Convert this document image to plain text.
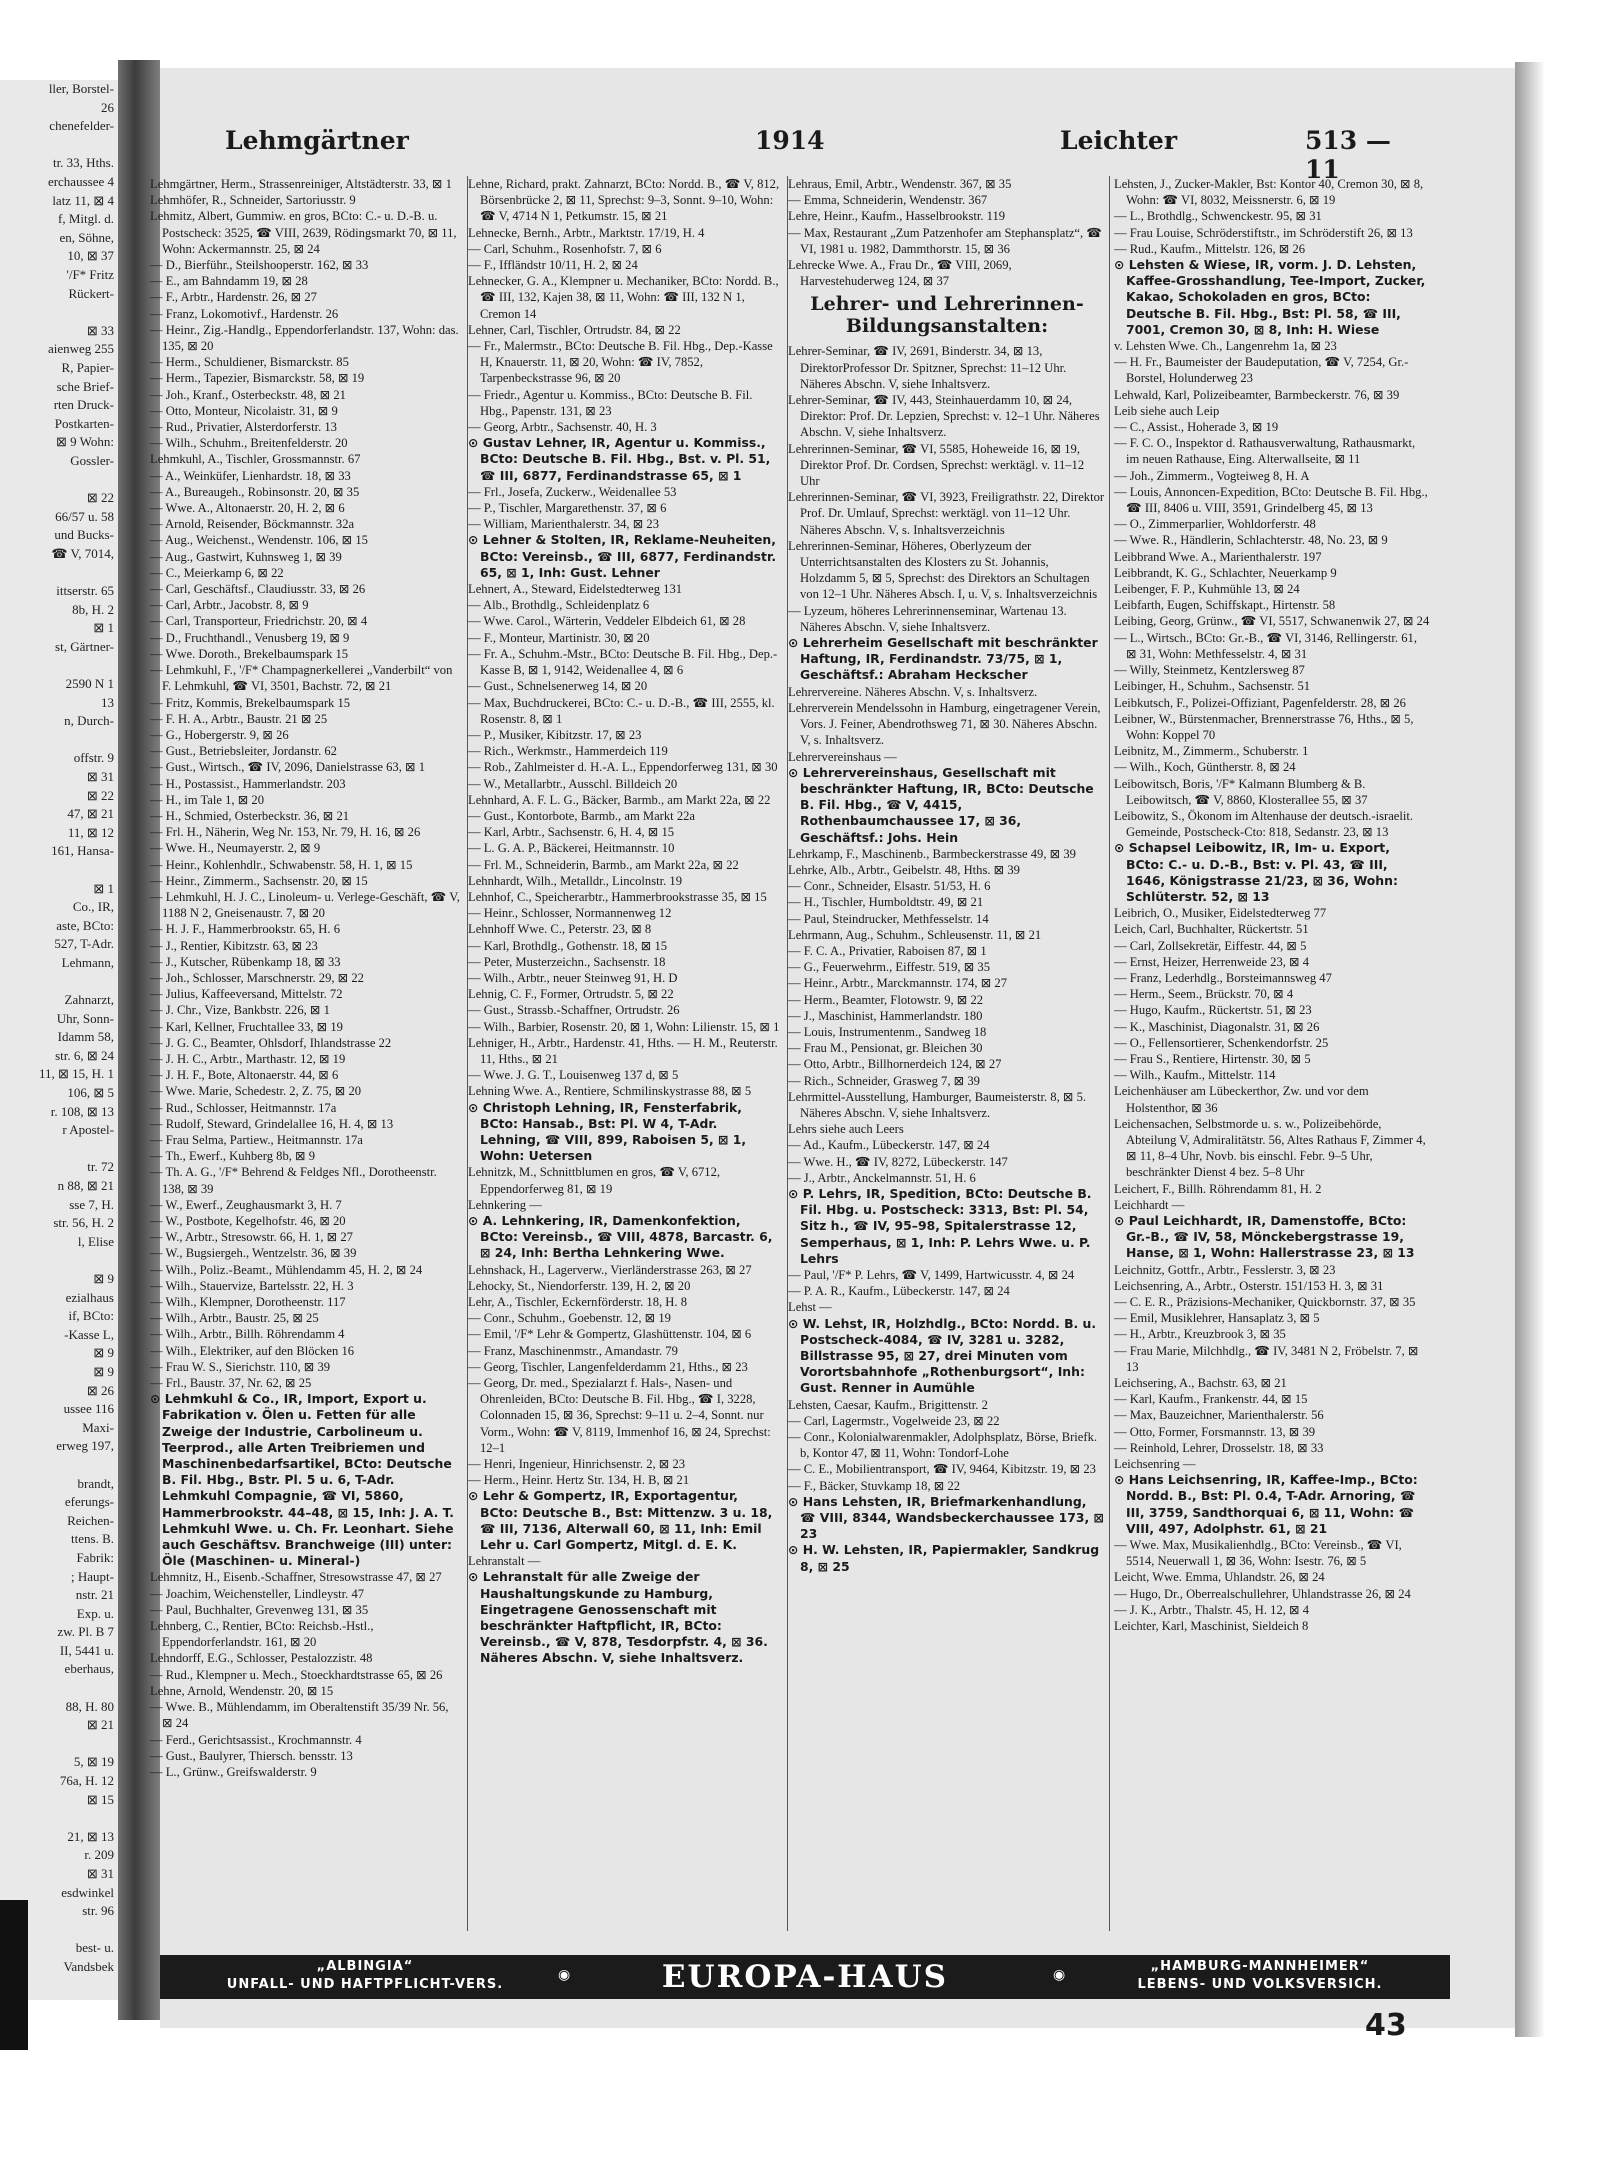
ller, Borstel-
26
chenefelder-

tr. 33, Hths.
erchaussee 4
latz 11, ⊠ 4
f, Mitgl. d.
en, Söhne,
10, ⊠ 37
'/F* Fritz
Rückert-

⊠ 33
aienweg 255
R, Papier-
sche Brief-
rten Druck-
Postkarten-
⊠ 9 Wohn:
Gossler-

⊠ 22
66/57 u. 58
und Bucks-
☎ V, 7014,

ittserstr. 65
8b, H. 2
⊠ 1
st, Gärtner-

2590 N 1
13
n, Durch-

offstr. 9
⊠ 31
⊠ 22
47, ⊠ 21
11, ⊠ 12
161, Hansa-

⊠ 1
Co., IR,
aste, BCto:
527, T-Adr.
Lehmann,

Zahnarzt,
Uhr, Sonn-
Idamm 58,
str. 6, ⊠ 24
11, ⊠ 15, H. 1
106, ⊠ 5
r. 108, ⊠ 13
r Apostel-

tr. 72
n 88, ⊠ 21
sse 7, H.
str. 56, H. 2
l, Elise

⊠ 9
ezialhaus
if, BCto:
-Kasse L,
⊠ 9
⊠ 9
⊠ 26
ussee 116
Maxi-
erweg 197,

brandt,
eferungs-
Reichen-
ttens. B.
Fabrik:
; Haupt-
nstr. 21
Exp. u.
zw. Pl. B 7
II, 5441 u.
eberhaus,

88, H. 80
⊠ 21

5, ⊠ 19
76a, H. 12
⊠ 15

21, ⊠ 13
r. 209
⊠ 31
esdwinkel
str. 96

best- u.
Vandsbek
Lehmgärtner	1914	Leichter	513 —11

Lehmgärtner, Herm., Strassenreiniger, Altstädterstr. 33, ⊠ 1

Lehmhöfer, R., Schneider, Sartoriusstr. 9

Lehmitz, Albert, Gummiw. en gros, BCto: C.- u. D.-B. u. Postscheck: 3525, ☎ VIII, 2639, Rödingsmarkt 70, ⊠ 11, Wohn: Ackermannstr. 25, ⊠ 24

— D., Bierführ., Steilshooperstr. 162, ⊠ 33

— E., am Bahndamm 19, ⊠ 28

— F., Arbtr., Hardenstr. 26, ⊠ 27

— Franz, Lokomotivf., Hardenstr. 26

— Heinr., Zig.-Handlg., Eppendorferlandstr. 137, Wohn: das. 135, ⊠ 20

— Herm., Schuldiener, Bismarckstr. 85

— Herm., Tapezier, Bismarckstr. 58, ⊠ 19

— Joh., Kranf., Osterbeckstr. 48, ⊠ 21

— Otto, Monteur, Nicolaistr. 31, ⊠ 9

— Rud., Privatier, Alsterdorferstr. 13

— Wilh., Schuhm., Breitenfelderstr. 20

Lehmkuhl, A., Tischler, Grossmannstr. 67

— A., Weinküfer, Lienhardstr. 18, ⊠ 33

— A., Bureaugeh., Robinsonstr. 20, ⊠ 35

— Wwe. A., Altonaerstr. 20, H. 2, ⊠ 6

— Arnold, Reisender, Böckmannstr. 32a

— Aug., Weichenst., Wendenstr. 106, ⊠ 15

— Aug., Gastwirt, Kuhnsweg 1, ⊠ 39

— C., Meierkamp 6, ⊠ 22

— Carl, Geschäftsf., Claudiusstr. 33, ⊠ 26

— Carl, Arbtr., Jacobstr. 8, ⊠ 9

— Carl, Transporteur, Friedrichstr. 20, ⊠ 4

— D., Fruchthandl., Venusberg 19, ⊠ 9

— Wwe. Doroth., Brekelbaumspark 15

— Lehmkuhl, F., '/F* Champagnerkellerei „Vanderbilt“ von F. Lehmkuhl, ☎ VI, 3501, Bachstr. 72, ⊠ 21

— Fritz, Kommis, Brekelbaumspark 15

— F. H. A., Arbtr., Baustr. 21 ⊠ 25

— G., Hobergerstr. 9, ⊠ 26

— Gust., Betriebsleiter, Jordanstr. 62

— Gust., Wirtsch., ☎ IV, 2096, Danielstrasse 63, ⊠ 1

— H., Postassist., Hammerlandstr. 203

— H., im Tale 1, ⊠ 20

— H., Schmied, Osterbeckstr. 36, ⊠ 21

— Frl. H., Näherin, Weg Nr. 153, Nr. 79, H. 16, ⊠ 26

— Wwe. H., Neumayerstr. 2, ⊠ 9

— Heinr., Kohlenhdlr., Schwabenstr. 58, H. 1, ⊠ 15

— Heinr., Zimmerm., Sachsenstr. 20, ⊠ 15

— Lehmkuhl, H. J. C., Linoleum- u. Verlege-Geschäft, ☎ V, 1188 N 2, Gneisenaustr. 7, ⊠ 20

— H. J. F., Hammerbrookstr. 65, H. 6

— J., Rentier, Kibitzstr. 63, ⊠ 23

— J., Kutscher, Rübenkamp 18, ⊠ 33

— Joh., Schlosser, Marschnerstr. 29, ⊠ 22

— Julius, Kaffeeversand, Mittelstr. 72

— J. Chr., Vize, Bankbstr. 226, ⊠ 1

— Karl, Kellner, Fruchtallee 33, ⊠ 19

— J. G. C., Beamter, Ohlsdorf, Ihlandstrasse 22

— J. H. C., Arbtr., Marthastr. 12, ⊠ 19

— J. H. F., Bote, Altonaerstr. 44, ⊠ 6

— Wwe. Marie, Schedestr. 2, Z. 75, ⊠ 20

— Rud., Schlosser, Heitmannstr. 17a

— Rudolf, Steward, Grindelallee 16, H. 4, ⊠ 13

— Frau Selma, Partiew., Heitmannstr. 17a

— Th., Ewerf., Kuhberg 8b, ⊠ 9

— Th. A. G., '/F* Behrend & Feldges Nfl., Dorotheenstr. 138, ⊠ 39

— W., Ewerf., Zeughausmarkt 3, H. 7

— W., Postbote, Kegelhofstr. 46, ⊠ 20

— W., Arbtr., Stresowstr. 66, H. 1, ⊠ 27

— W., Bugsiergeh., Wentzelstr. 36, ⊠ 39

— Wilh., Poliz.-Beamt., Mühlendamm 45, H. 2, ⊠ 24

— Wilh., Stauervize, Bartelsstr. 22, H. 3

— Wilh., Klempner, Dorotheenstr. 117

— Wilh., Arbtr., Baustr. 25, ⊠ 25

— Wilh., Arbtr., Billh. Röhrendamm 4

— Wilh., Elektriker, auf den Blöcken 16

— Frau W. S., Sierichstr. 110, ⊠ 39

— Frl., Baustr. 37, Nr. 62, ⊠ 25

⊙ Lehmkuhl & Co., IR, Import, Export u. Fabrikation v. Ölen u. Fetten für alle Zweige der Industrie, Carbolineum u. Teerprod., alle Arten Treibriemen und Maschinenbedarfsartikel, BCto: Deutsche B. Fil. Hbg., Bstr. Pl. 5 u. 6, T-Adr. Lehmkuhl Compagnie, ☎ VI, 5860, Hammerbrookstr. 44–48, ⊠ 15, Inh: J. A. T. Lehmkuhl Wwe. u. Ch. Fr. Leonhart. Siehe auch Geschäftsv. Branchweige (III) unter: Öle (Maschinen- u. Mineral-)

Lehmnitz, H., Eisenb.-Schaffner, Stresowstrasse 47, ⊠ 27

— Joachim, Weichensteller, Lindleystr. 47

— Paul, Buchhalter, Grevenweg 131, ⊠ 35

Lehnberg, C., Rentier, BCto: Reichsb.-Hstl., Eppendorferlandstr. 161, ⊠ 20

Lehndorff, E.G., Schlosser, Pestalozzistr. 48

— Rud., Klempner u. Mech., Stoeckhardtstrasse 65, ⊠ 26

Lehne, Arnold, Wendenstr. 20, ⊠ 15

— Wwe. B., Mühlendamm, im Oberaltenstift 35/39 Nr. 56, ⊠ 24

— Ferd., Gerichtsassist., Krochmannstr. 4

— Gust., Baulyrer, Thiersch. bensstr. 13

— L., Grünw., Greifswalderstr. 9

Lehne, Richard, prakt. Zahnarzt, BCto: Nordd. B., ☎ V, 812, Börsenbrücke 2, ⊠ 11, Sprechst: 9–3, Sonnt. 9–10, Wohn: ☎ V, 4714 N 1, Petkumstr. 15, ⊠ 21

Lehnecke, Bernh., Arbtr., Marktstr. 17/19, H. 4

— Carl, Schuhm., Rosenhofstr. 7, ⊠ 6

— F., Iffländstr 10/11, H. 2, ⊠ 24

Lehnecker, G. A., Klempner u. Mechaniker, BCto: Nordd. B., ☎ III, 132, Kajen 38, ⊠ 11, Wohn: ☎ III, 132 N 1, Cremon 14

Lehner, Carl, Tischler, Ortrudstr. 84, ⊠ 22

— Fr., Malermstr., BCto: Deutsche B. Fil. Hbg., Dep.-Kasse H, Knauerstr. 11, ⊠ 20, Wohn: ☎ IV, 7852, Tarpenbeckstrasse 96, ⊠ 20

— Friedr., Agentur u. Kommiss., BCto: Deutsche B. Fil. Hbg., Papenstr. 131, ⊠ 23

— Georg, Arbtr., Sachsenstr. 40, H. 3

⊙ Gustav Lehner, IR, Agentur u. Kommiss., BCto: Deutsche B. Fil. Hbg., Bst. v. Pl. 51, ☎ III, 6877, Ferdinandstrasse 65, ⊠ 1

— Frl., Josefa, Zuckerw., Weidenallee 53

— P., Tischler, Margarethenstr. 37, ⊠ 6

— William, Marienthalerstr. 34, ⊠ 23

⊙ Lehner & Stolten, IR, Reklame-Neuheiten, BCto: Vereinsb., ☎ III, 6877, Ferdinandstr. 65, ⊠ 1, Inh: Gust. Lehner

Lehnert, A., Steward, Eidelstedterweg 131

— Alb., Brothdlg., Schleidenplatz 6

— Wwe. Carol., Wärterin, Veddeler Elbdeich 61, ⊠ 28

— F., Monteur, Martinistr. 30, ⊠ 20

— Fr. A., Schuhm.-Mstr., BCto: Deutsche B. Fil. Hbg., Dep.-Kasse B, ⊠ 1, 9142, Weidenallee 4, ⊠ 6

— Gust., Schnelsenerweg 14, ⊠ 20

— Max, Buchdruckerei, BCto: C.- u. D.-B., ☎ III, 2555, kl. Rosenstr. 8, ⊠ 1

— P., Musiker, Kibitzstr. 17, ⊠ 23

— Rich., Werkmstr., Hammerdeich 119

— Rob., Zahlmeister d. H.-A. L., Eppendorferweg 131, ⊠ 30

— W., Metallarbtr., Ausschl. Billdeich 20

Lehnhard, A. F. L. G., Bäcker, Barmb., am Markt 22a, ⊠ 22

— Gust., Kontorbote, Barmb., am Markt 22a

— Karl, Arbtr., Sachsenstr. 6, H. 4, ⊠ 15

— L. G. A. P., Bäckerei, Heitmannstr. 10

— Frl. M., Schneiderin, Barmb., am Markt 22a, ⊠ 22

Lehnhardt, Wilh., Metalldr., Lincolnstr. 19

Lehnhof, C., Speicherarbtr., Hammerbrookstrasse 35, ⊠ 15

— Heinr., Schlosser, Normannenweg 12

Lehnhoff Wwe. C., Peterstr. 23, ⊠ 8

— Karl, Brothdlg., Gothenstr. 18, ⊠ 15

— Peter, Musterzeichn., Sachsenstr. 18

— Wilh., Arbtr., neuer Steinweg 91, H. D

Lehnig, C. F., Former, Ortrudstr. 5, ⊠ 22

— Gust., Strassb.-Schaffner, Ortrudstr. 26

— Wilh., Barbier, Rosenstr. 20, ⊠ 1, Wohn: Lilienstr. 15, ⊠ 1

Lehniger, H., Arbtr., Hardenstr. 41, Hths. — H. M., Reuterstr. 11, Hths., ⊠ 21

— Wwe. J. G. T., Louisenweg 137 d, ⊠ 5

Lehning Wwe. A., Rentiere, Schmilinskystrasse 88, ⊠ 5

⊙ Christoph Lehning, IR, Fensterfabrik, BCto: Hansab., Bst: Pl. W 4, T-Adr. Lehning, ☎ VIII, 899, Raboisen 5, ⊠ 1, Wohn: Uetersen

Lehnitzk, M., Schnittblumen en gros, ☎ V, 6712, Eppendorferweg 81, ⊠ 19

Lehnkering —

⊙ A. Lehnkering, IR, Damenkonfektion, BCto: Vereinsb., ☎ VIII, 4878, Barcastr. 6, ⊠ 24, Inh: Bertha Lehnkering Wwe.

Lehnshack, H., Lagerverw., Vierländerstrasse 263, ⊠ 27

Lehocky, St., Niendorferstr. 139, H. 2, ⊠ 20

Lehr, A., Tischler, Eckernförderstr. 18, H. 8

— Conr., Schuhm., Goebenstr. 12, ⊠ 19

— Emil, '/F* Lehr & Gompertz, Glashüttenstr. 104, ⊠ 6

— Franz, Maschinenmstr., Amandastr. 79

— Georg, Tischler, Langenfelderdamm 21, Hths., ⊠ 23

— Georg, Dr. med., Spezialarzt f. Hals-, Nasen- und Ohrenleiden, BCto: Deutsche B. Fil. Hbg., ☎ I, 3228, Colonnaden 15, ⊠ 36, Sprechst: 9–11 u. 2–4, Sonnt. nur Vorm., Wohn: ☎ V, 8119, Immenhof 16, ⊠ 24, Sprechst: 12–1

— Henri, Ingenieur, Hinrichsenstr. 2, ⊠ 23

— Herm., Heinr. Hertz Str. 134, H. B, ⊠ 21

⊙ Lehr & Gompertz, IR, Exportagentur, BCto: Deutsche B., Bst: Mittenzw. 3 u. 18, ☎ III, 7136, Alterwall 60, ⊠ 11, Inh: Emil Lehr u. Carl Gompertz, Mitgl. d. E. K.

Lehranstalt —

⊙ Lehranstalt für alle Zweige der Haushaltungskunde zu Hamburg, Eingetragene Genossenschaft mit beschränkter Haftpflicht, IR, BCto: Vereinsb., ☎ V, 878, Tesdorpfstr. 4, ⊠ 36. Näheres Abschn. V, siehe Inhaltsverz.

Lehraus, Emil, Arbtr., Wendenstr. 367, ⊠ 35

— Emma, Schneiderin, Wendenstr. 367

Lehre, Heinr., Kaufm., Hasselbrookstr. 119

— Max, Restaurant „Zum Patzenhofer am Stephansplatz“, ☎ VI, 1981 u. 1982, Dammthorstr. 15, ⊠ 36

Lehrecke Wwe. A., Frau Dr., ☎ VIII, 2069, Harvestehuderweg 124, ⊠ 37

Lehrer- und Lehrerinnen-Bildungsanstalten:

Lehrer-Seminar, ☎ IV, 2691, Binderstr. 34, ⊠ 13, DirektorProfessor Dr. Spitzner, Sprechst: 11–12 Uhr. Näheres Abschn. V, siehe Inhaltsverz.

Lehrer-Seminar, ☎ IV, 443, Steinhauerdamm 10, ⊠ 24, Direktor: Prof. Dr. Lepzien, Sprechst: v. 12–1 Uhr. Näheres Abschn. V, siehe Inhaltsverz.

Lehrerinnen-Seminar, ☎ VI, 5585, Hoheweide 16, ⊠ 19, Direktor Prof. Dr. Cordsen, Sprechst: werktägl. v. 11–12 Uhr

Lehrerinnen-Seminar, ☎ VI, 3923, Freiligrathstr. 22, Direktor Prof. Dr. Umlauf, Sprechst: werktägl. von 11–12 Uhr. Näheres Abschn. V, s. Inhaltsverzeichnis

Lehrerinnen-Seminar, Höheres, Oberlyzeum der Unterrichtsanstalten des Klosters zu St. Johannis, Holzdamm 5, ⊠ 5, Sprechst: des Direktors an Schultagen von 12–1 Uhr. Näheres Absch. I, u. V, s. Inhaltsverzeichnis

— Lyzeum, höheres Lehrerinnenseminar, Wartenau 13. Näheres Abschn. V, siehe Inhaltsverz.

⊙ Lehrerheim Gesellschaft mit beschränkter Haftung, IR, Ferdinandstr. 73/75, ⊠ 1, Geschäftsf.: Abraham Heckscher

Lehrervereine. Näheres Abschn. V, s. Inhaltsverz.

Lehrerverein Mendelssohn in Hamburg, eingetragener Verein, Vors. J. Feiner, Abendrothsweg 71, ⊠ 30. Näheres Abschn. V, s. Inhaltsverz.

Lehrervereinshaus —

⊙ Lehrervereinshaus, Gesellschaft mit beschränkter Haftung, IR, BCto: Deutsche B. Fil. Hbg., ☎ V, 4415, Rothenbaumchaussee 17, ⊠ 36, Geschäftsf.: Johs. Hein

Lehrkamp, F., Maschinenb., Barmbeckerstrasse 49, ⊠ 39

Lehrke, Alb., Arbtr., Geibelstr. 48, Hths. ⊠ 39

— Conr., Schneider, Elsastr. 51/53, H. 6

— H., Tischler, Humboldtstr. 49, ⊠ 21

— Paul, Steindrucker, Methfesselstr. 14

Lehrmann, Aug., Schuhm., Schleusenstr. 11, ⊠ 21

— F. C. A., Privatier, Raboisen 87, ⊠ 1

— G., Feuerwehrm., Eiffestr. 519, ⊠ 35

— Heinr., Arbtr., Marckmannstr. 174, ⊠ 27

— Herm., Beamter, Flotowstr. 9, ⊠ 22

— J., Maschinist, Hammerlandstr. 180

— Louis, Instrumentenm., Sandweg 18

— Frau M., Pensionat, gr. Bleichen 30

— Otto, Arbtr., Billhornerdeich 124, ⊠ 27

— Rich., Schneider, Grasweg 7, ⊠ 39

Lehrmittel-Ausstellung, Hamburger, Baumeisterstr. 8, ⊠ 5. Näheres Abschn. V, siehe Inhaltsverz.

Lehrs siehe auch Leers

— Ad., Kaufm., Lübeckerstr. 147, ⊠ 24

— Wwe. H., ☎ IV, 8272, Lübeckerstr. 147

— J., Arbtr., Anckelmannstr. 51, H. 6

⊙ P. Lehrs, IR, Spedition, BCto: Deutsche B. Fil. Hbg. u. Postscheck: 3313, Bst: Pl. 54, Sitz h., ☎ IV, 95–98, Spitalerstrasse 12, Semperhaus, ⊠ 1, Inh: P. Lehrs Wwe. u. P. Lehrs

— Paul, '/F* P. Lehrs, ☎ V, 1499, Hartwicusstr. 4, ⊠ 24

— P. A. R., Kaufm., Lübeckerstr. 147, ⊠ 24

Lehst —

⊙ W. Lehst, IR, Holzhdlg., BCto: Nordd. B. u. Postscheck-4084, ☎ IV, 3281 u. 3282, Billstrasse 95, ⊠ 27, drei Minuten vom Vorortsbahnhofe „Rothenburgsort“, Inh: Gust. Renner in Aumühle

Lehsten, Caesar, Kaufm., Brigittenstr. 2

— Carl, Lagermstr., Vogelweide 23, ⊠ 22

— Conr., Kolonialwarenmakler, Adolphsplatz, Börse, Briefk. b, Kontor 47, ⊠ 11, Wohn: Tondorf-Lohe

— C. E., Mobilientransport, ☎ IV, 9464, Kibitzstr. 19, ⊠ 23

— F., Bäcker, Stuvkamp 18, ⊠ 22

⊙ Hans Lehsten, IR, Briefmarkenhandlung, ☎ VIII, 8344, Wandsbeckerchaussee 173, ⊠ 23

⊙ H. W. Lehsten, IR, Papiermakler, Sandkrug 8, ⊠ 25

Lehsten, J., Zucker-Makler, Bst: Kontor 40, Cremon 30, ⊠ 8, Wohn: ☎ VI, 8032, Meissnerstr. 6, ⊠ 19

— L., Brothdlg., Schwenckestr. 95, ⊠ 31

— Frau Louise, Schröderstiftstr., im Schröderstift 26, ⊠ 13

— Rud., Kaufm., Mittelstr. 126, ⊠ 26

⊙ Lehsten & Wiese, IR, vorm. J. D. Lehsten, Kaffee-Grosshandlung, Tee-Import, Zucker, Kakao, Schokoladen en gros, BCto: Deutsche B. Fil. Hbg., Bst: Pl. 58, ☎ III, 7001, Cremon 30, ⊠ 8, Inh: H. Wiese

v. Lehsten Wwe. Ch., Langenrehm 1a, ⊠ 23

— H. Fr., Baumeister der Baudeputation, ☎ V, 7254, Gr.-Borstel, Holunderweg 23

Lehwald, Karl, Polizeibeamter, Barmbeckerstr. 76, ⊠ 39

Leib siehe auch Leip

— C., Assist., Hoherade 3, ⊠ 19

— F. C. O., Inspektor d. Rathausverwaltung, Rathausmarkt, im neuen Rathause, Eing. Alterwallseite, ⊠ 11

— Joh., Zimmerm., Vogteiweg 8, H. A

— Louis, Annoncen-Expedition, BCto: Deutsche B. Fil. Hbg., ☎ III, 8406 u. VIII, 3591, Grindelberg 45, ⊠ 13

— O., Zimmerparlier, Wohldorferstr. 48

— Wwe. R., Händlerin, Schlachterstr. 48, No. 23, ⊠ 9

Leibbrand Wwe. A., Marienthalerstr. 197

Leibbrandt, K. G., Schlachter, Neuerkamp 9

Leibenger, F. P., Kuhmühle 13, ⊠ 24

Leibfarth, Eugen, Schiffskapt., Hirtenstr. 58

Leibing, Georg, Grünw., ☎ VI, 5517, Schwanenwik 27, ⊠ 24

— L., Wirtsch., BCto: Gr.-B., ☎ VI, 3146, Rellingerstr. 61, ⊠ 31, Wohn: Methfesselstr. 4, ⊠ 31

— Willy, Steinmetz, Kentzlersweg 87

Leibinger, H., Schuhm., Sachsenstr. 51

Leibkutsch, F., Polizei-Offiziant, Pagenfelderstr. 28, ⊠ 26

Leibner, W., Bürstenmacher, Brennerstrasse 76, Hths., ⊠ 5, Wohn: Koppel 70

Leibnitz, M., Zimmerm., Schuberstr. 1

— Wilh., Koch, Güntherstr. 8, ⊠ 24

Leibowitsch, Boris, '/F* Kalmann Blumberg & B. Leibowitsch, ☎ V, 8860, Klosterallee 55, ⊠ 37

Leibowitz, S., Ökonom im Altenhause der deutsch.-israelit. Gemeinde, Postscheck-Cto: 818, Sedanstr. 23, ⊠ 13

⊙ Schapsel Leibowitz, IR, Im- u. Export, BCto: C.- u. D.-B., Bst: v. Pl. 43, ☎ III, 1646, Königstrasse 21/23, ⊠ 36, Wohn: Schlüterstr. 52, ⊠ 13

Leibrich, O., Musiker, Eidelstedterweg 77

Leich, Carl, Buchhalter, Rückertstr. 51

— Carl, Zollsekretär, Eiffestr. 44, ⊠ 5

— Ernst, Heizer, Herrenweide 23, ⊠ 4

— Franz, Lederhdlg., Borsteimannsweg 47

— Herm., Seem., Brückstr. 70, ⊠ 4

— Hugo, Kaufm., Rückertstr. 51, ⊠ 23

— K., Maschinist, Diagonalstr. 31, ⊠ 26

— O., Fellensortierer, Schenkendorfstr. 25

— Frau S., Rentiere, Hirtenstr. 30, ⊠ 5

— Wilh., Kaufm., Mittelstr. 114

Leichenhäuser am Lübeckerthor, Zw. und vor dem Holstenthor, ⊠ 36

Leichensachen, Selbstmorde u. s. w., Polizeibehörde, Abteilung V, Admiralitätstr. 56, Altes Rathaus F, Zimmer 4, ⊠ 11, 8–4 Uhr, Novb. bis einschl. Febr. 9–5 Uhr, beschränkter Dienst 4 bez. 5–8 Uhr

Leichert, F., Billh. Röhrendamm 81, H. 2

Leichhardt —

⊙ Paul Leichhardt, IR, Damenstoffe, BCto: Gr.-B., ☎ IV, 58, Mönckebergstrasse 19, Hanse, ⊠ 1, Wohn: Hallerstrasse 23, ⊠ 13

Leichnitz, Gottfr., Arbtr., Fesslerstr. 3, ⊠ 23

Leichsenring, A., Arbtr., Osterstr. 151/153 H. 3, ⊠ 31

— C. E. R., Präzisions-Mechaniker, Quickbornstr. 37, ⊠ 35

— Emil, Musiklehrer, Hansaplatz 3, ⊠ 5

— H., Arbtr., Kreuzbrook 3, ⊠ 35

— Frau Marie, Milchhdlg., ☎ IV, 3481 N 2, Fröbelstr. 7, ⊠ 13

Leichsering, A., Bachstr. 63, ⊠ 21

— Karl, Kaufm., Frankenstr. 44, ⊠ 15

— Max, Bauzeichner, Marienthalerstr. 56

— Otto, Former, Forsmannstr. 13, ⊠ 39

— Reinhold, Lehrer, Drosselstr. 18, ⊠ 33

Leichsenring —

⊙ Hans Leichsenring, IR, Kaffee-Imp., BCto: Nordd. B., Bst: Pl. 0.4, T-Adr. Arnoring, ☎ III, 3759, Sandthorquai 6, ⊠ 11, Wohn: ☎ VIII, 497, Adolphstr. 61, ⊠ 21

— Wwe. Max, Musikalienhdlg., BCto: Vereinsb., ☎ VI, 5514, Neuerwall 1, ⊠ 36, Wohn: Isestr. 76, ⊠ 5

Leicht, Wwe. Emma, Uhlandstr. 26, ⊠ 24

— Hugo, Dr., Oberrealschullehrer, Uhlandstrasse 26, ⊠ 24

— J. K., Arbtr., Thalstr. 45, H. 12, ⊠ 4

Leichter, Karl, Maschinist, Sieldeich 8

„ALBINGIA“
UNFALL- UND HAFTPFLICHT-VERS.
◉	EUROPA-HAUS	◉
„HAMBURG-MANNHEIMER“
LEBENS- UND VOLKSVERSICH.
43
